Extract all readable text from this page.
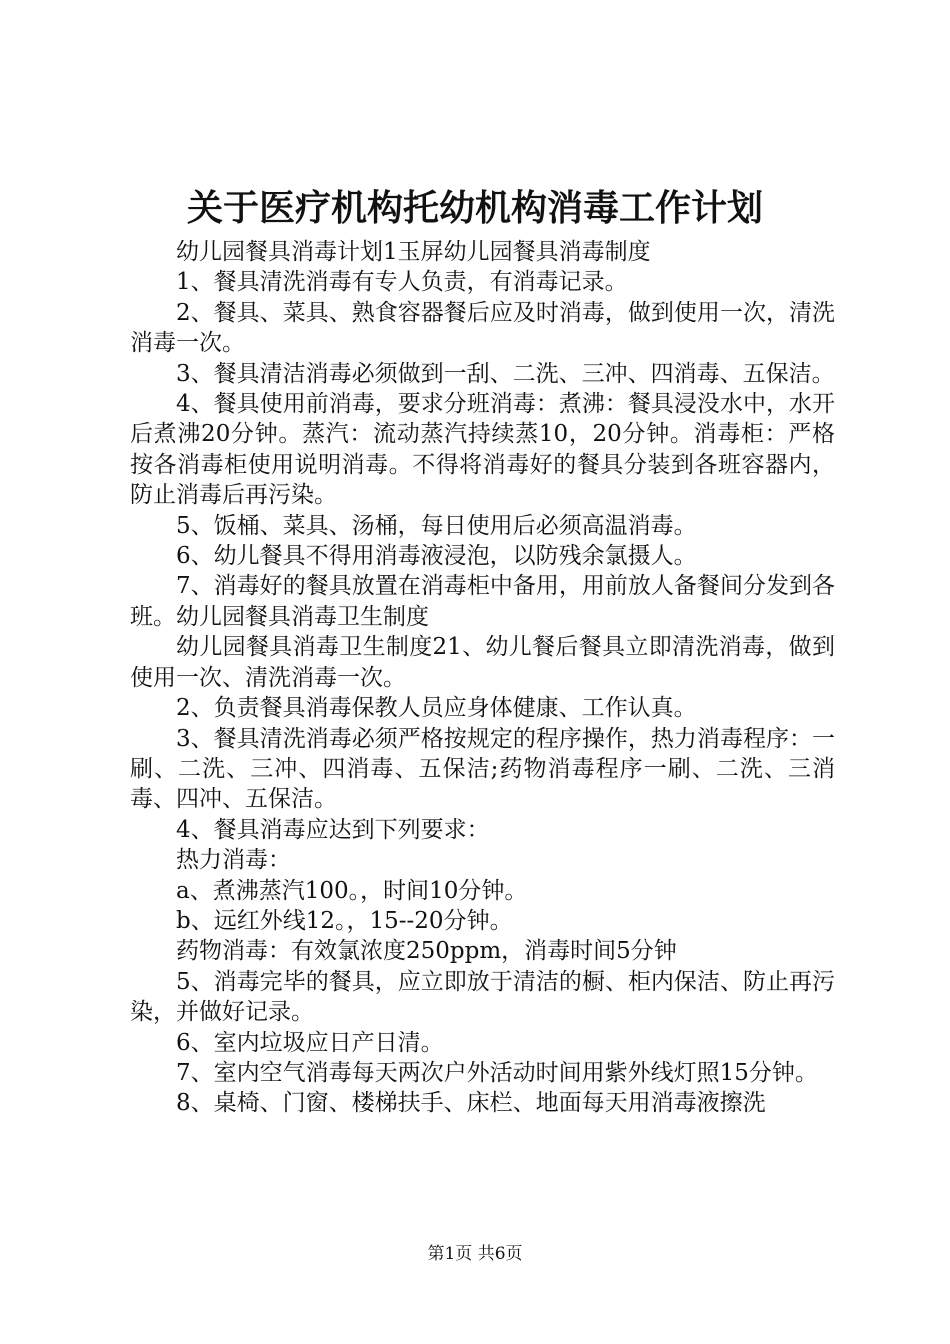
关于医疗机构托幼机构消毒工作计划

幼儿园餐具消毒计划1玉屏幼儿园餐具消毒制度

1、餐具清洗消毒有专人负责，有消毒记录。

2、餐具、菜具、熟食容器餐后应及时消毒，做到使用一次，清洗消毒一次。

3、餐具清洁消毒必须做到一刮、二洗、三冲、四消毒、五保洁。

4、餐具使用前消毒，要求分班消毒：煮沸：餐具浸没水中，水开后煮沸20分钟。蒸汽：流动蒸汽持续蒸10，20分钟。消毒柜：严格按各消毒柜使用说明消毒。不得将消毒好的餐具分装到各班容器内，防止消毒后再污染。

5、饭桶、菜具、汤桶，每日使用后必须高温消毒。

6、幼儿餐具不得用消毒液浸泡，以防残余氯摄人。

7、消毒好的餐具放置在消毒柜中备用，用前放人备餐间分发到各班。幼儿园餐具消毒卫生制度

幼儿园餐具消毒卫生制度21、幼儿餐后餐具立即清洗消毒，做到使用一次、清洗消毒一次。

2、负责餐具消毒保教人员应身体健康、工作认真。

3、餐具清洗消毒必须严格按规定的程序操作，热力消毒程序：一刷、二洗、三冲、四消毒、五保洁;药物消毒程序一刷、二洗、三消毒、四冲、五保洁。

4、餐具消毒应达到下列要求：

热力消毒：

a、煮沸蒸汽100。，时间10分钟。

b、远红外线12。，15--20分钟。

药物消毒：有效氯浓度250ppm，消毒时间5分钟

5、消毒完毕的餐具，应立即放于清洁的橱、柜内保洁、防止再污染，并做好记录。

6、室内垃圾应日产日清。

7、室内空气消毒每天两次户外活动时间用紫外线灯照15分钟。

8、桌椅、门窗、楼梯扶手、床栏、地面每天用消毒液擦洗

第1页 共6页
